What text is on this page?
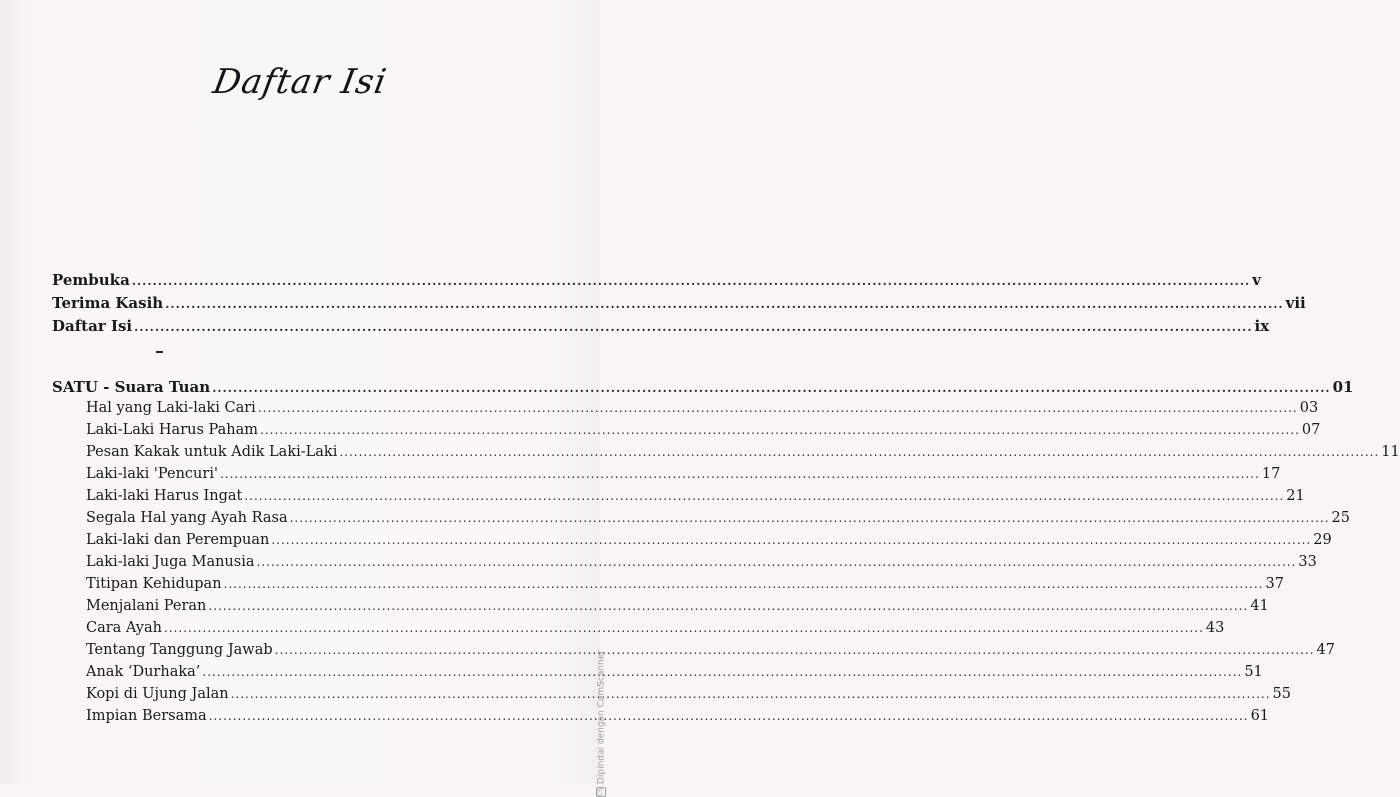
Daftar Isi
Pembuka .....	v
Terima Kasih .....	vii
Daftar Isi .....	ix
SATU - Suara Tuan .....	01
Hal yang Laki-laki Cari .....	03
Laki-Laki Harus Paham .....	07
Pesan Kakak untuk Adik Laki-Laki .....	11
Laki-laki 'Pencuri' .....	17
Laki-laki Harus Ingat .....	21
Segala Hal yang Ayah Rasa .....	25
Laki-laki dan Perempuan .....	29
Laki-laki Juga Manusia .....	33
Titipan Kehidupan .....	37
Menjalani Peran .....	41
Cara Ayah .....	43
Tentang Tanggung Jawab .....	47
Anak ‘Durhaka’ .....	51
Kopi di Ujung Jalan .....	55
Impian Bersama .....	61
CSDipindai dengan CamScanner
